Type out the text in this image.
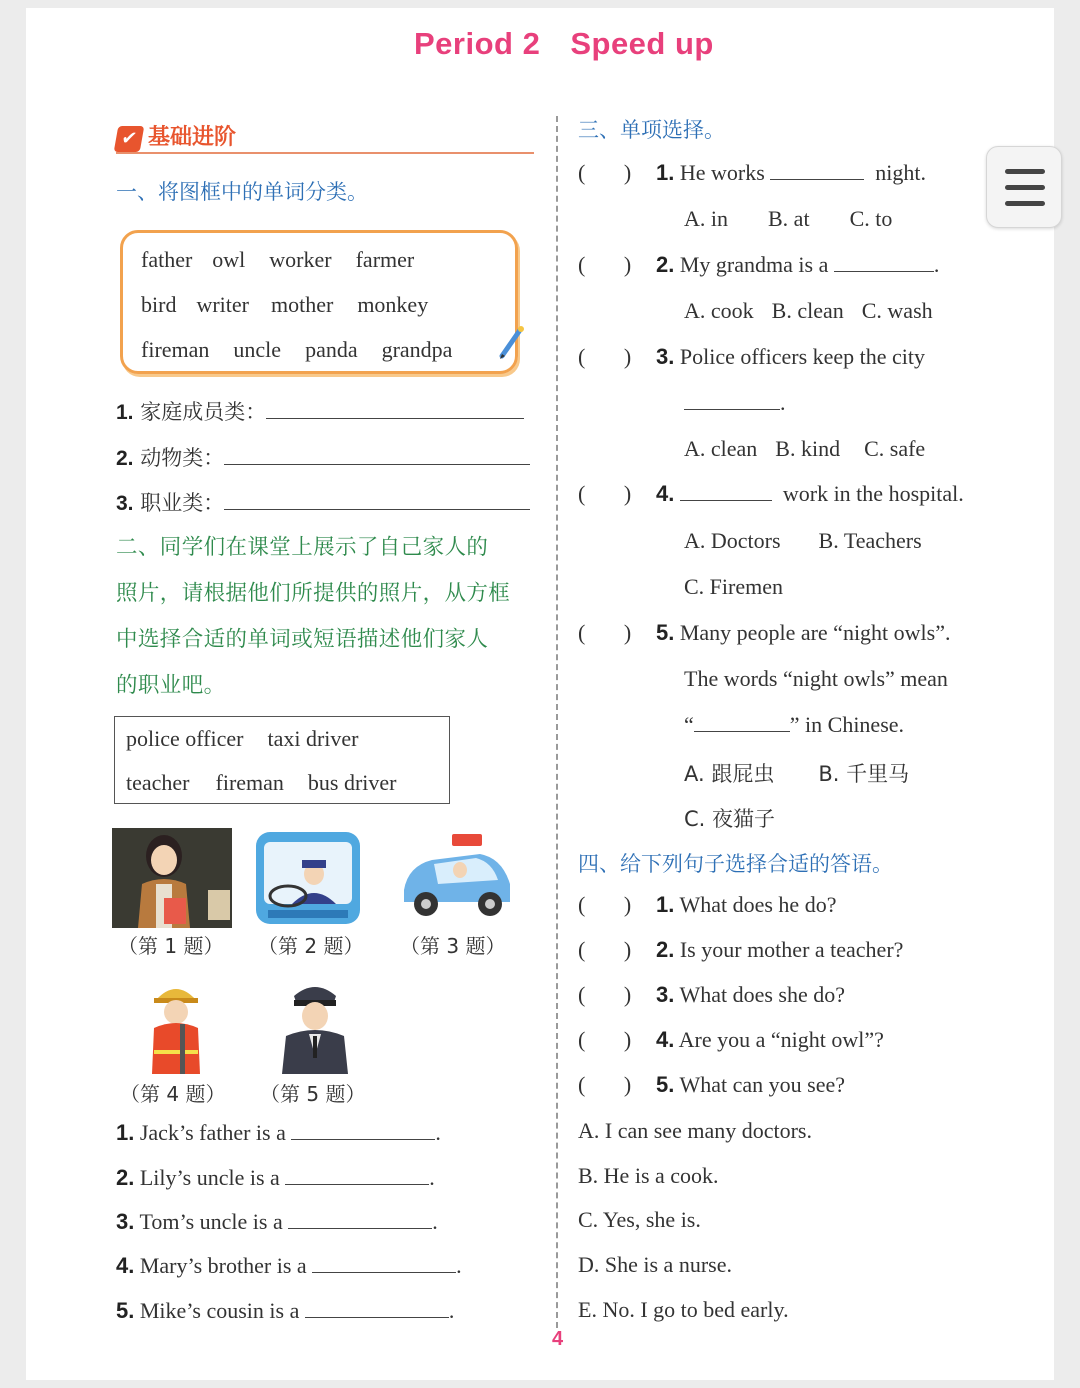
Period 2 Speed up
✔ 基础进阶
一、将图框中的单词分类。
father owl worker farmer
bird writer mother monkey
fireman uncle panda grandpa
1. 家庭成员类：
2. 动物类：
3. 职业类：
二、同学们在课堂上展示了自己家人的
照片，请根据他们所提供的照片，从方框
中选择合适的单词或短语描述他们家人
的职业吧。
police officer taxi driver
teacher fireman bus driver
（第 1 题） （第 2 题） （第 3 题）
（第 4 题） （第 5 题）
1. Jack’s father is a	.
2. Lily’s uncle is a	.
3. Tom’s uncle is a	.
4. Mary’s brother is a	.
5. Mike’s cousin is a	.
三、单项选择。
(       ) 1. He works	night.
A. in B. at C. to
(       ) 2. My grandma is a	.
A. cook B. clean C. wash
(       ) 3. Police officers keep the city
.
A. clean B. kind C. safe
(       ) 4.	work in the hospital.
A. Doctors B. Teachers
C. Firemen
(       ) 5. Many people are “night owls”.
The words “night owls” mean
“	” in Chinese.
A. 跟屁虫 B. 千里马
C. 夜猫子
四、给下列句子选择合适的答语。
(       ) 1. What does he do?
(       ) 2. Is your mother a teacher?
(       ) 3. What does she do?
(       ) 4. Are you a “night owl”?
(       ) 5. What can you see?
A. I can see many doctors.
B. He is a cook.
C. Yes, she is.
D. She is a nurse.
E. No. I go to bed early.
4
